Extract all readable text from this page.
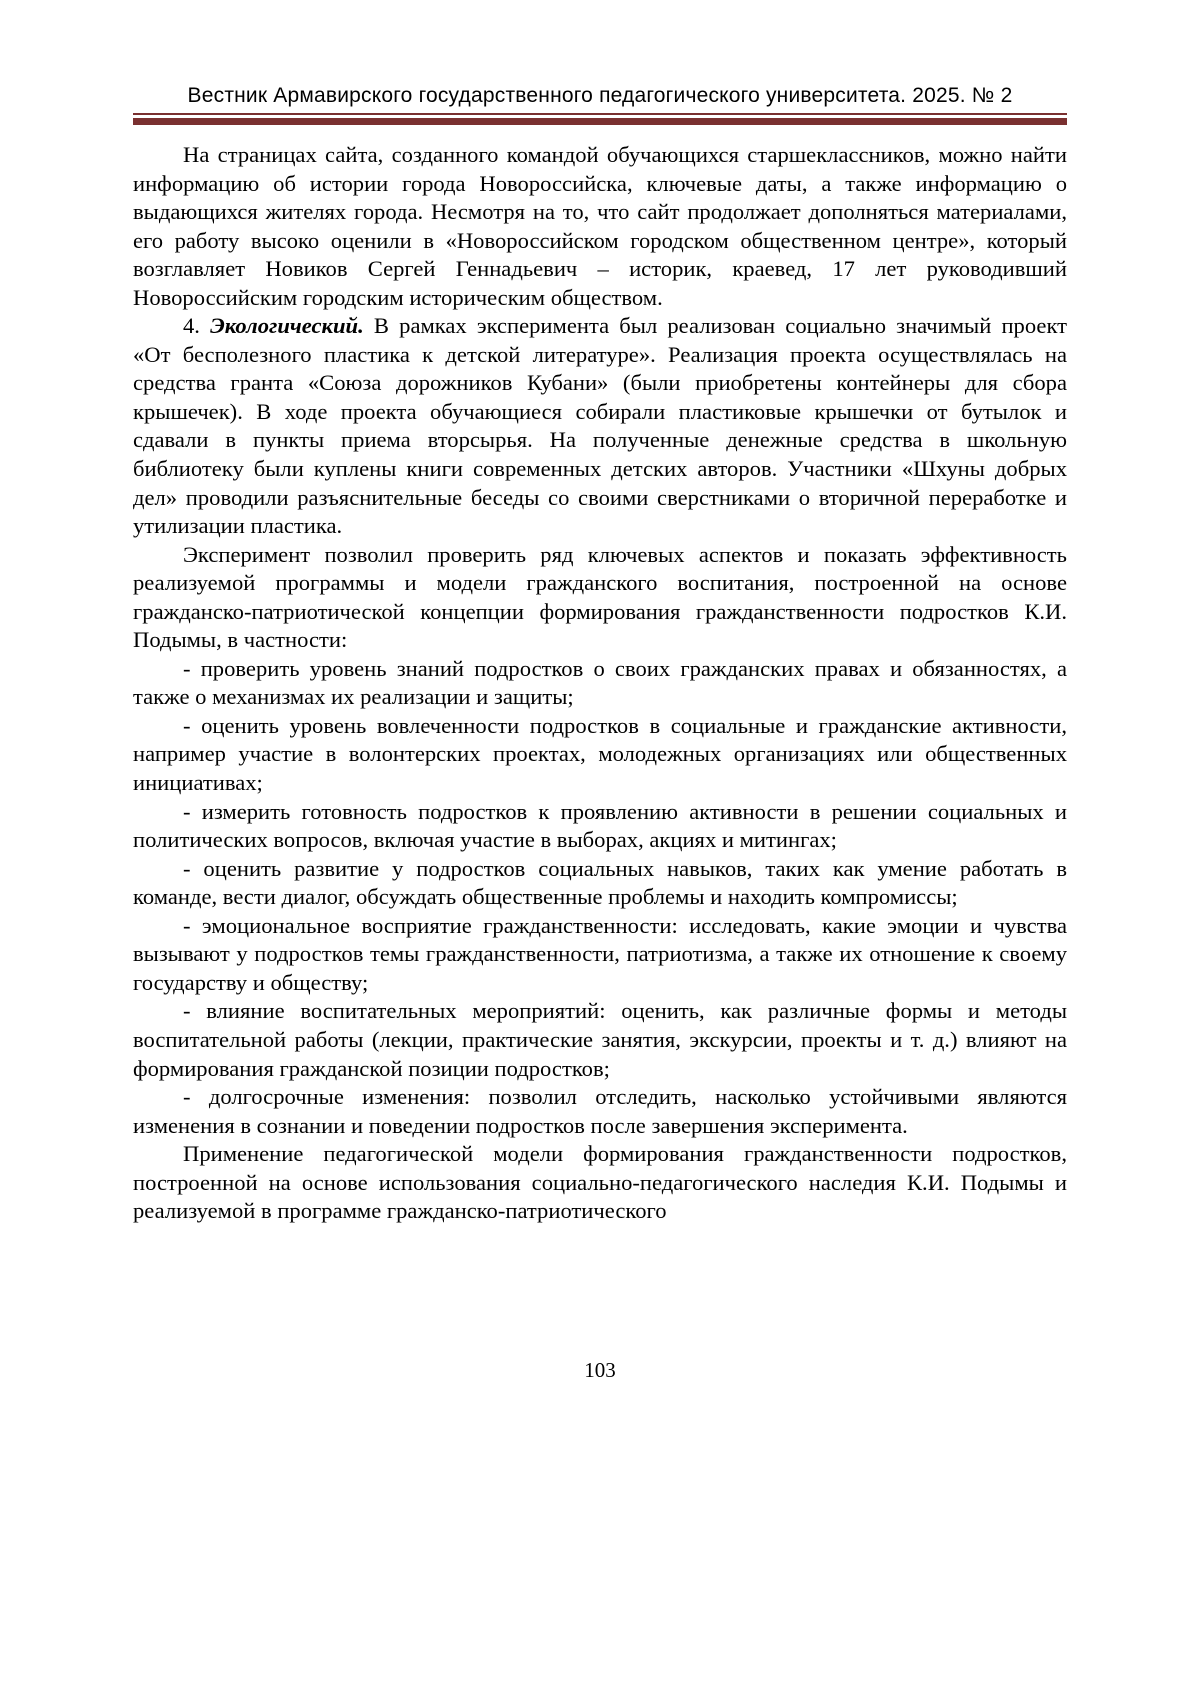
Вестник Армавирского государственного педагогического университета. 2025. № 2

На страницах сайта, созданного командой обучающихся старшеклассников, можно найти информацию об истории города Новороссийска, ключевые даты, а также информацию о выдающихся жителях города. Несмотря на то, что сайт продолжает дополняться материалами, его работу высоко оценили в «Новороссийском городском общественном центре», который возглавляет Новиков Сергей Геннадьевич – историк, краевед, 17 лет руководивший Новороссийским городским историческим обществом.

4. Экологический. В рамках эксперимента был реализован социально значимый проект «От бесполезного пластика к детской литературе». Реализация проекта осуществлялась на средства гранта «Союза дорожников Кубани» (были приобретены контейнеры для сбора крышечек). В ходе проекта обучающиеся собирали пластиковые крышечки от бутылок и сдавали в пункты приема вторсырья. На полученные денежные средства в школьную библиотеку были куплены книги современных детских авторов. Участники «Шхуны добрых дел» проводили разъяснительные беседы со своими сверстниками о вторичной переработке и утилизации пластика.

Эксперимент позволил проверить ряд ключевых аспектов и показать эффективность реализуемой программы и модели гражданского воспитания, построенной на основе гражданско-патриотической концепции формирования гражданственности подростков К.И. Подымы, в частности:

- проверить уровень знаний подростков о своих гражданских правах и обязанностях, а также о механизмах их реализации и защиты;

- оценить уровень вовлеченности подростков в социальные и гражданские активности, например участие в волонтерских проектах, молодежных организациях или общественных инициативах;

- измерить готовность подростков к проявлению активности в решении социальных и политических вопросов, включая участие в выборах, акциях и митингах;

- оценить развитие у подростков социальных навыков, таких как умение работать в команде, вести диалог, обсуждать общественные проблемы и находить компромиссы;

- эмоциональное восприятие гражданственности: исследовать, какие эмоции и чувства вызывают у подростков темы гражданственности, патриотизма, а также их отношение к своему государству и обществу;

- влияние воспитательных мероприятий: оценить, как различные формы и методы воспитательной работы (лекции, практические занятия, экскурсии, проекты и т. д.) влияют на формирования гражданской позиции подростков;

- долгосрочные изменения: позволил отследить, насколько устойчивыми являются изменения в сознании и поведении подростков после завершения эксперимента.

Применение педагогической модели формирования гражданственности подростков, построенной на основе использования социально-педагогического наследия К.И. Подымы и реализуемой в программе гражданско-патриотического

103
